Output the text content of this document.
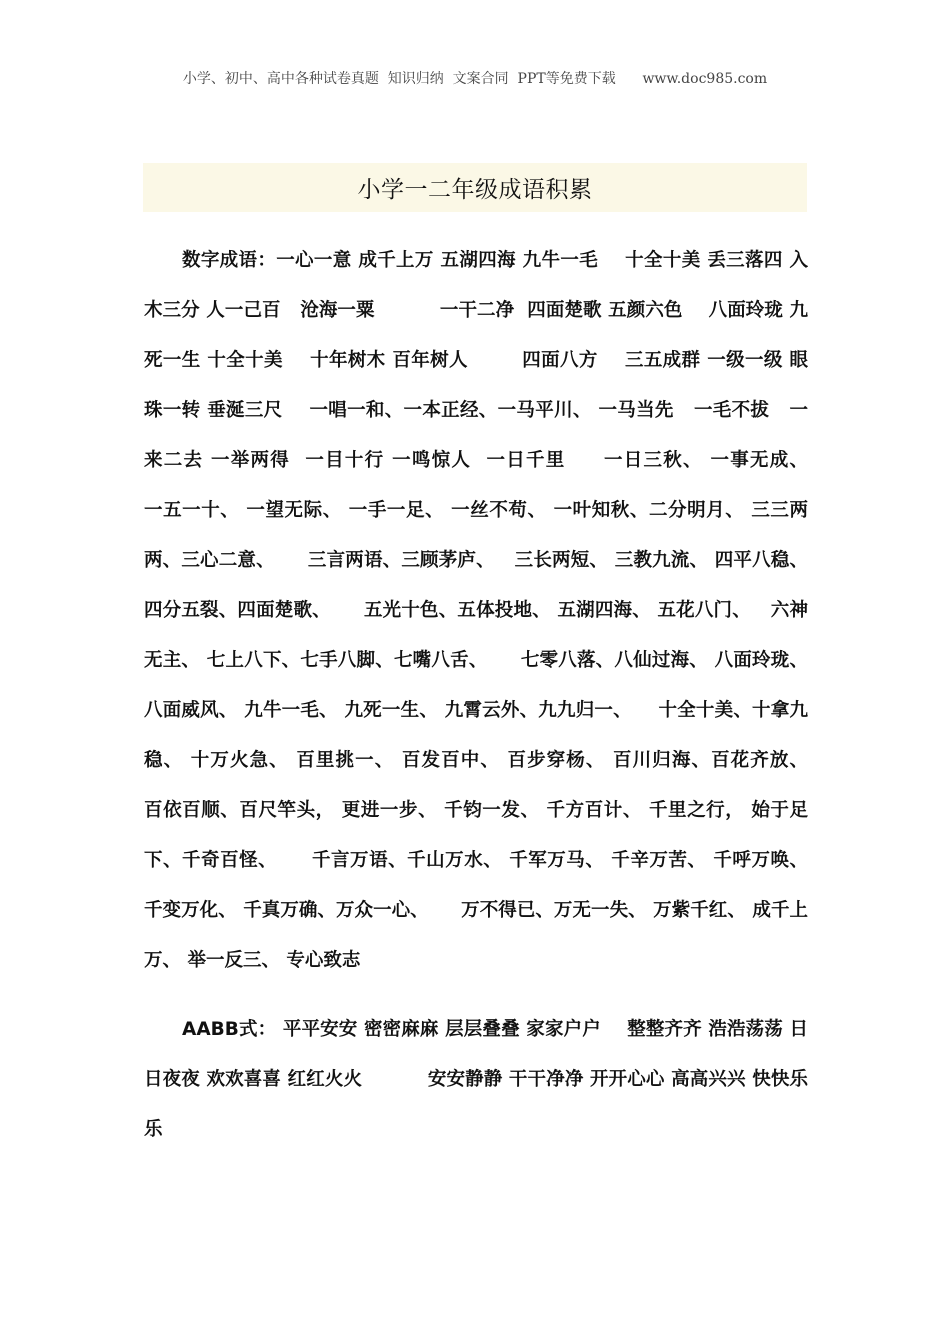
小学、初中、高中各种试卷真题  知识归纳  文案合同  PPT等免费下载      www.doc985.com
小学一二年级成语积累

数字成语：一心一意 成千上万 五湖四海 九牛一毛    十全十美 丢三落四 入木三分 人一己百   沧海一粟          一干二净  四面楚歌 五颜六色    八面玲珑 九死一生 十全十美    十年树木 百年树人        四面八方    三五成群 一级一级 眼珠一转 垂涎三尺    一唱一和、一本正经、一马平川、 一马当先   一毛不拔   一来二去 一举两得  一目十行 一鸣惊人  一日千里     一日三秋、 一事无成、     一五一十、 一望无际、 一手一足、 一丝不苟、 一叶知秋、二分明月、 三三两两、三心二意、     三言两语、三顾茅庐、   三长两短、 三教九流、 四平八稳、 四分五裂、四面楚歌、     五光十色、五体投地、 五湖四海、 五花八门、   六神无主、 七上八下、七手八脚、七嘴八舌、     七零八落、八仙过海、 八面玲珑、 八面威风、 九牛一毛、 九死一生、 九霄云外、九九归一、    十全十美、十拿九稳、 十万火急、 百里挑一、 百发百中、 百步穿杨、 百川归海、百花齐放、     百依百顺、百尺竿头， 更进一步、 千钧一发、 千方百计、 千里之行， 始于足下、千奇百怪、     千言万语、千山万水、 千军万马、 千辛万苦、 千呼万唤、 千变万化、 千真万确、万众一心、     万不得已、万无一失、 万紫千红、 成千上万、 举一反三、 专心致志

AABB式： 平平安安 密密麻麻 层层叠叠 家家户户    整整齐齐 浩浩荡荡 日日夜夜 欢欢喜喜 红红火火          安安静静 干干净净 开开心心 高高兴兴 快快乐乐
